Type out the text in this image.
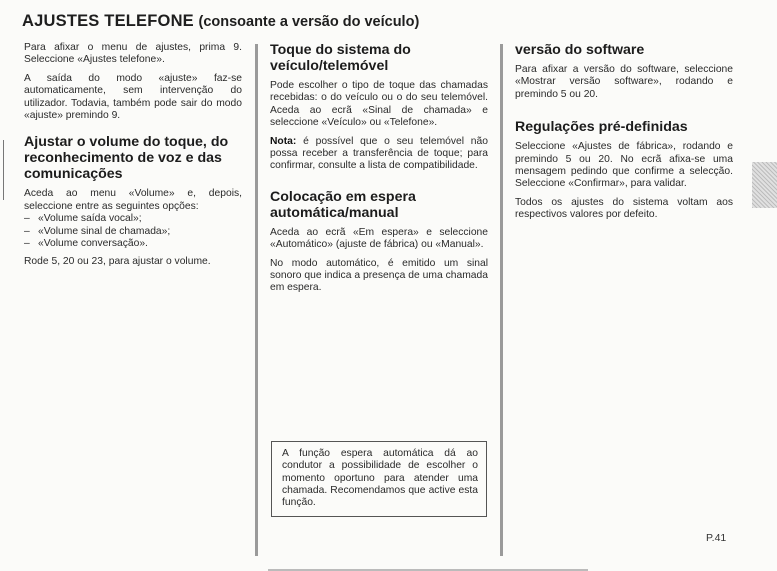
AJUSTES TELEFONE (consoante a versão do veículo)

Para afixar o menu de ajustes, prima 9. Seleccione «Ajustes telefone».

A saída do modo «ajuste» faz-se automaticamente, sem intervenção do utilizador. Todavia, também pode sair do modo «ajuste» premindo 9.

Ajustar o volume do toque, do reconhecimento de voz e das comunicações

Aceda ao menu «Volume» e, depois, seleccione entre as seguintes opções:

– «Volume saída vocal»;
– «Volume sinal de chamada»;
– «Volume conversação».

Rode 5, 20 ou 23, para ajustar o volume.

Toque do sistema do veículo/telemóvel

Pode escolher o tipo de toque das chamadas recebidas: o do veículo ou o do seu telemóvel. Aceda ao ecrã «Sinal de chamada» e seleccione «Veículo» ou «Telefone».

Nota: é possível que o seu telemóvel não possa receber a transferência de toque; para confirmar, consulte a lista de compatibilidade.

Colocação em espera automática/manual

Aceda ao ecrã «Em espera» e seleccione «Automático» (ajuste de fábrica) ou «Manual».

No modo automático, é emitido um sinal sonoro que indica a presença de uma chamada em espera.

A função espera automática dá ao condutor a possibilidade de escolher o momento oportuno para atender uma chamada. Recomendamos que active esta função.

versão do software

Para afixar a versão do software, seleccione «Mostrar versão software», rodando e premindo 5 ou 20.

Regulações pré-definidas

Seleccione «Ajustes de fábrica», rodando e premindo 5 ou 20. No ecrã afixa-se uma mensagem pedindo que confirme a selecção. Seleccione «Confirmar», para validar.

Todos os ajustes do sistema voltam aos respectivos valores por defeito.

P.41
